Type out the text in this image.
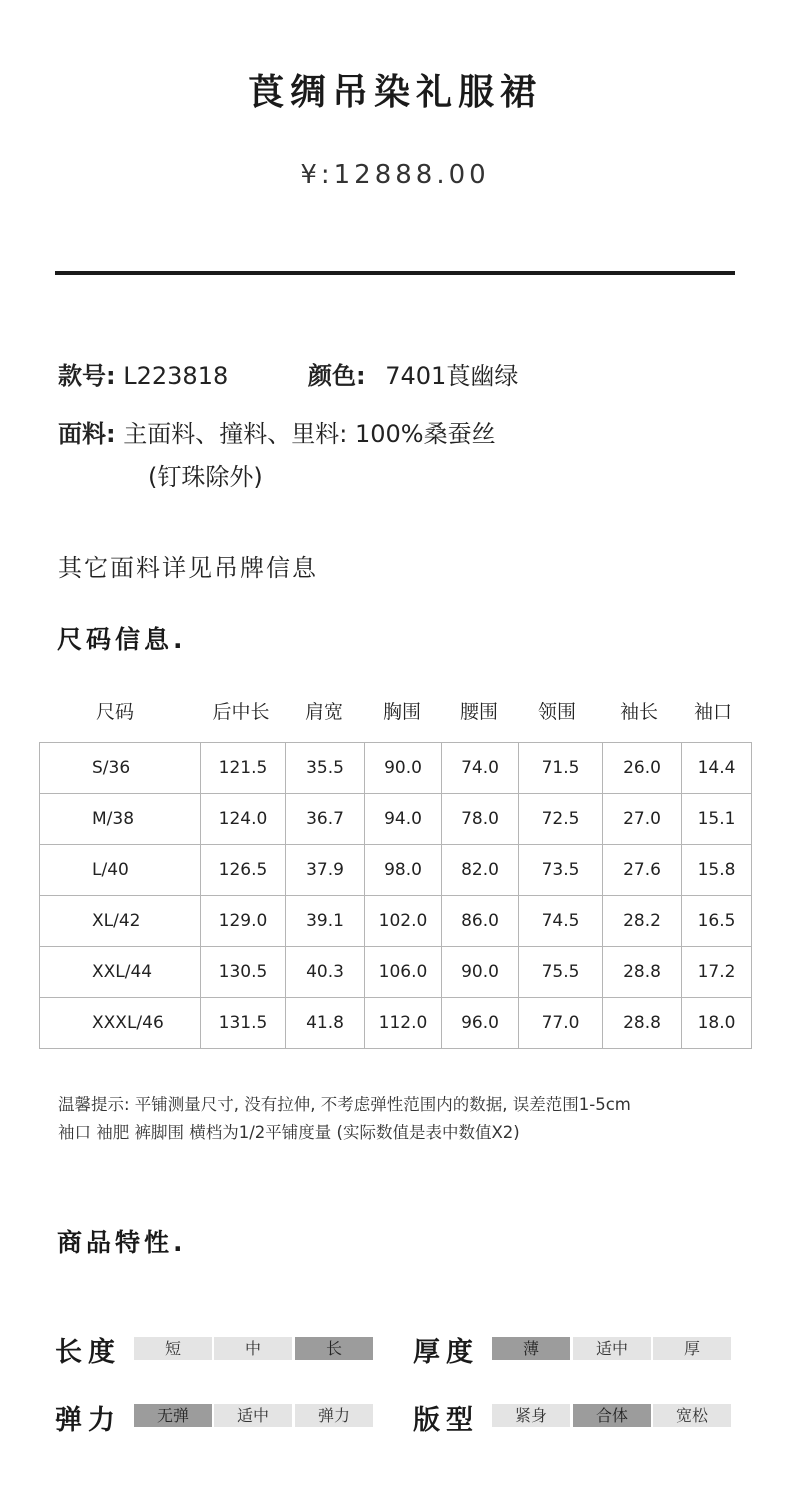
莨绸吊染礼服裙
¥:12888.00
款号: L223818	颜色: 7401莨幽绿
面料: 主面料、撞料、里料: 100%桑蚕丝
(钉珠除外)
其它面料详见吊牌信息
尺码信息.
尺码	后中长	肩宽	胸围	腰围	领围	袖长	袖口
S/36	121.5	35.5	90.0	74.0	71.5	26.0	14.4
M/38	124.0	36.7	94.0	78.0	72.5	27.0	15.1
L/40	126.5	37.9	98.0	82.0	73.5	27.6	15.8
XL/42	129.0	39.1	102.0	86.0	74.5	28.2	16.5
XXL/44	130.5	40.3	106.0	90.0	75.5	28.8	17.2
XXXL/46	131.5	41.8	112.0	96.0	77.0	28.8	18.0
温馨提示: 平铺测量尺寸, 没有拉伸, 不考虑弹性范围内的数据, 误差范围1-5cm
袖口 袖肥 裤脚围 横档为1/2平铺度量 (实际数值是表中数值X2)
商品特性.
长度	短	中	长	厚度	薄	适中	厚
弹力	无弹	适中	弹力	版型	紧身	合体	宽松
